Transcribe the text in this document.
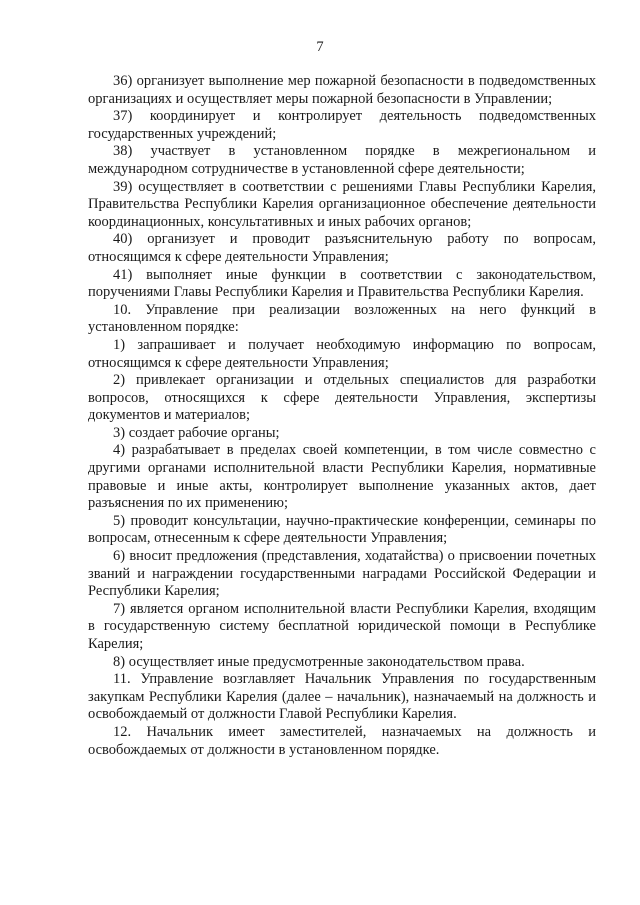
7

36) организует выполнение мер пожарной безопасности в подведомственных организациях и осуществляет меры пожарной безопасности в Управлении;

37) координирует и контролирует деятельность подведомственных государственных учреждений;

38) участвует в установленном порядке в межрегиональном и международном сотрудничестве в установленной сфере деятельности;

39) осуществляет в соответствии с решениями Главы Республики Карелия, Правительства Республики Карелия организационное обеспечение деятельности координационных, консультативных и иных рабочих органов;

40) организует и проводит разъяснительную работу по вопросам, относящимся к сфере деятельности Управления;

41) выполняет иные функции в соответствии с законодательством, поручениями Главы Республики Карелия и Правительства Республики Карелия.

10. Управление при реализации возложенных на него функций в установленном порядке:

1) запрашивает и получает необходимую информацию по вопросам, относящимся к сфере деятельности Управления;

2) привлекает организации и отдельных специалистов для разработки вопросов, относящихся к сфере деятельности Управления, экспертизы документов и материалов;

3) создает рабочие органы;

4) разрабатывает в пределах своей компетенции, в том числе совместно с другими органами исполнительной власти Республики Карелия, нормативные правовые и иные акты, контролирует выполнение указанных актов, дает разъяснения по их применению;

5) проводит консультации, научно-практические конференции, семинары по вопросам, отнесенным к сфере деятельности Управления;

6) вносит предложения (представления, ходатайства) о присвоении почетных званий и награждении государственными наградами Российской Федерации и Республики Карелия;

7) является органом исполнительной власти Республики Карелия, входящим в государственную систему бесплатной юридической помощи в Республике Карелия;

8) осуществляет иные предусмотренные законодательством права.

11. Управление возглавляет Начальник Управления по государственным закупкам Республики Карелия (далее – начальник), назначаемый на должность и освобождаемый от должности Главой Республики Карелия.

12. Начальник имеет заместителей, назначаемых на должность и освобождаемых от должности в установленном порядке.
